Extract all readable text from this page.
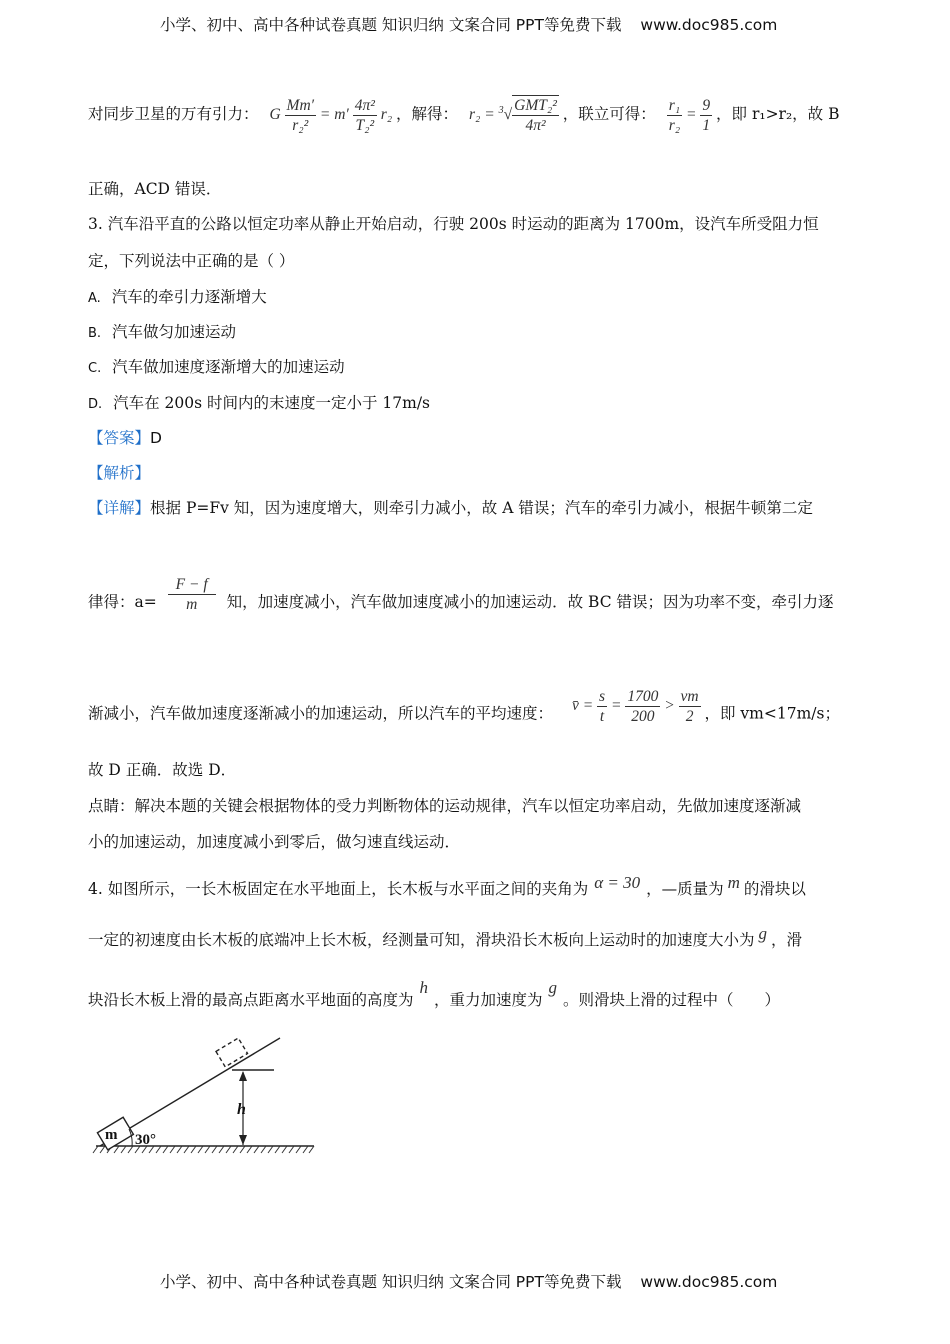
小学、初中、高中各种试卷真题 知识归纳 文案合同 PPT等免费下载 www.doc985.com
对同步卫星的万有引力： G $\frac{Mm'}{\text{r₂²}} = m' \frac{\text{4π²}}{\text{T₂²}} r_2$ ，解得： $r_2 = ^3√ \frac{\text{GMT₂²}}{\text{4π²}}$ ，联立可得： $\frac{\text{r₁}}{\text{r₂}} = \frac{9}{1}$ ，即 r₁>r₂，故 B
正确，ACD 错误．
3. 汽车沿平直的公路以恒定功率从静止开始启动，行驶 200s 时运动的距离为 1700m，设汽车所受阻力恒
定，下列说法中正确的是（ ）
A. 汽车的牵引力逐渐增大
B. 汽车做匀加速运动
C. 汽车做加速度逐渐增大的加速运动
D. 汽车在 200s 时间内的末速度一定小于 17m/s
【答案】D
【解析】
【详解】根据 P=Fv 知，因为速度增大，则牵引力减小，故 A 错误；汽车的牵引力减小，根据牛顿第二定
律得：$a= \frac{F - f}{m}$ 知，加速度减小，汽车做加速度减小的加速运动．故 BC 错误；因为功率不变，牵引力逐
渐减小，汽车做加速度逐渐减小的加速运动，所以汽车的平均速度： v̄ = $\frac{s}{t} = \frac{1700}{200} > \frac{vm}{2}$ ，即 vm<17m/s；
故 D 正确．故选 D．
点睛：解决本题的关键会根据物体的受力判断物体的运动规律，汽车以恒定功率启动，先做加速度逐渐减
小的加速运动，加速度减小到零后，做匀速直线运动．
4. 如图所示，一长木板固定在水平地面上，长木板与水平面之间的夹角为 α = 30 ，—质量为 m 的滑块以
一定的初速度由长木板的底端冲上长木板，经测量可知，滑块沿长木板向上运动时的加速度大小为 g ，滑
块沿长木板上滑的最高点距离水平地面的高度为h，重力加速度为g。则滑块上滑的过程中（　　）
m 30°
h
小学、初中、高中各种试卷真题 知识归纳 文案合同 PPT等免费下载 www.doc985.com
